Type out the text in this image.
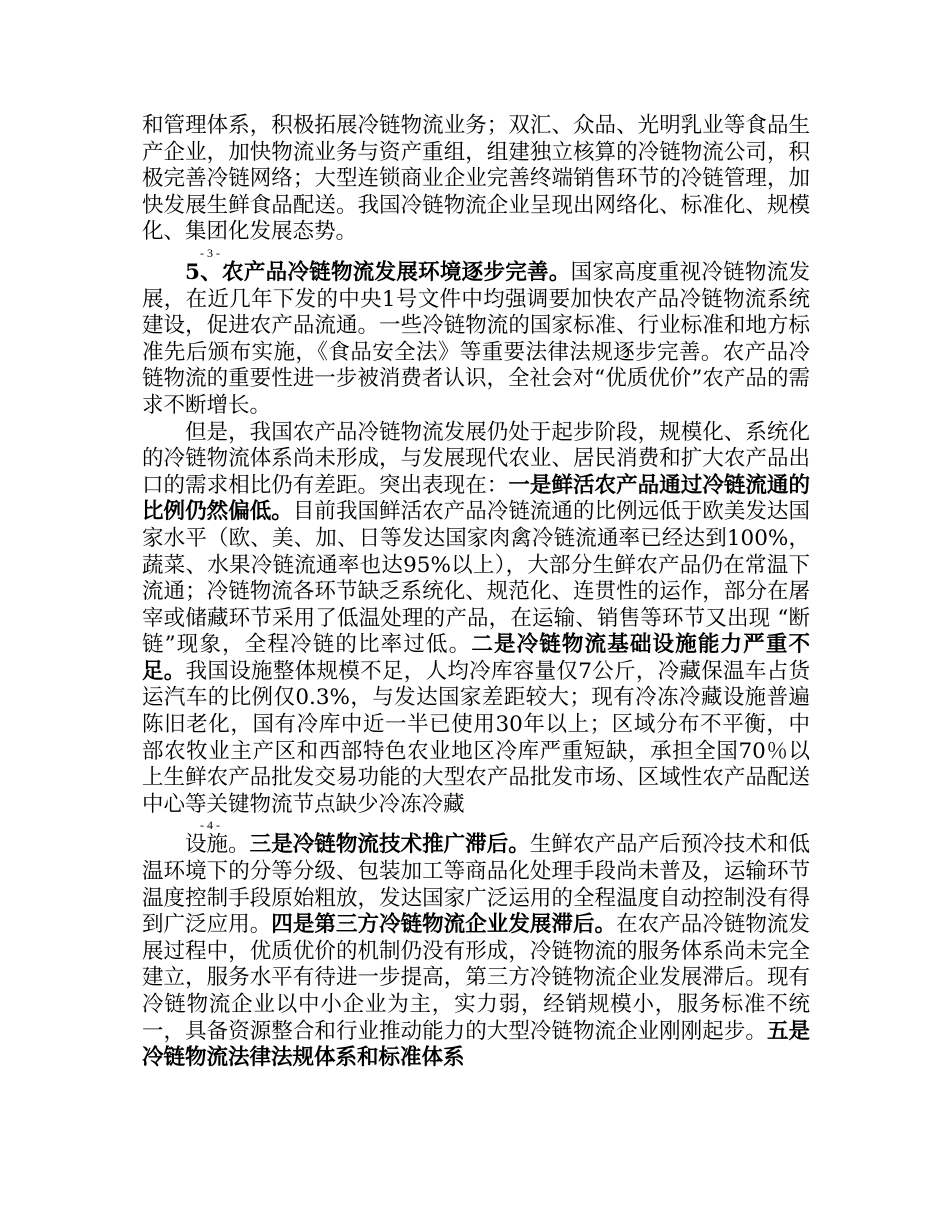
和管理体系，积极拓展冷链物流业务；双汇、众品、光明乳业等食品生产企业，加快物流业务与资产重组，组建独立核算的冷链物流公司，积极完善冷链网络；大型连锁商业企业完善终端销售环节的冷链管理，加快发展生鲜食品配送。我国冷链物流企业呈现出网络化、标准化、规模化、集团化发展态势。

- 3 -

5、农产品冷链物流发展环境逐步完善。国家高度重视冷链物流发展，在近几年下发的中央1号文件中均强调要加快农产品冷链物流系统建设，促进农产品流通。一些冷链物流的国家标准、行业标准和地方标准先后颁布实施，《食品安全法》等重要法律法规逐步完善。农产品冷链物流的重要性进一步被消费者认识，全社会对“优质优价”农产品的需求不断增长。

但是，我国农产品冷链物流发展仍处于起步阶段，规模化、系统化的冷链物流体系尚未形成，与发展现代农业、居民消费和扩大农产品出口的需求相比仍有差距。突出表现在：一是鲜活农产品通过冷链流通的比例仍然偏低。目前我国鲜活农产品冷链流通的比例远低于欧美发达国家水平（欧、美、加、日等发达国家肉禽冷链流通率已经达到100%，蔬菜、水果冷链流通率也达95%以上），大部分生鲜农产品仍在常温下流通；冷链物流各环节缺乏系统化、规范化、连贯性的运作，部分在屠宰或储藏环节采用了低温处理的产品，在运输、销售等环节又出现 “断链”现象，全程冷链的比率过低。二是冷链物流基础设施能力严重不足。我国设施整体规模不足，人均冷库容量仅7公斤，冷藏保温车占货运汽车的比例仅0.3%，与发达国家差距较大；现有冷冻冷藏设施普遍陈旧老化，国有冷库中近一半已使用30年以上；区域分布不平衡，中部农牧业主产区和西部特色农业地区冷库严重短缺，承担全国70％以上生鲜农产品批发交易功能的大型农产品批发市场、区域性农产品配送中心等关键物流节点缺少冷冻冷藏

- 4 -

设施。三是冷链物流技术推广滞后。生鲜农产品产后预冷技术和低温环境下的分等分级、包装加工等商品化处理手段尚未普及，运输环节温度控制手段原始粗放，发达国家广泛运用的全程温度自动控制没有得到广泛应用。四是第三方冷链物流企业发展滞后。在农产品冷链物流发展过程中，优质优价的机制仍没有形成，冷链物流的服务体系尚未完全建立，服务水平有待进一步提高，第三方冷链物流企业发展滞后。现有冷链物流企业以中小企业为主，实力弱，经销规模小，服务标准不统一，具备资源整合和行业推动能力的大型冷链物流企业刚刚起步。五是冷链物流法律法规体系和标准体系
